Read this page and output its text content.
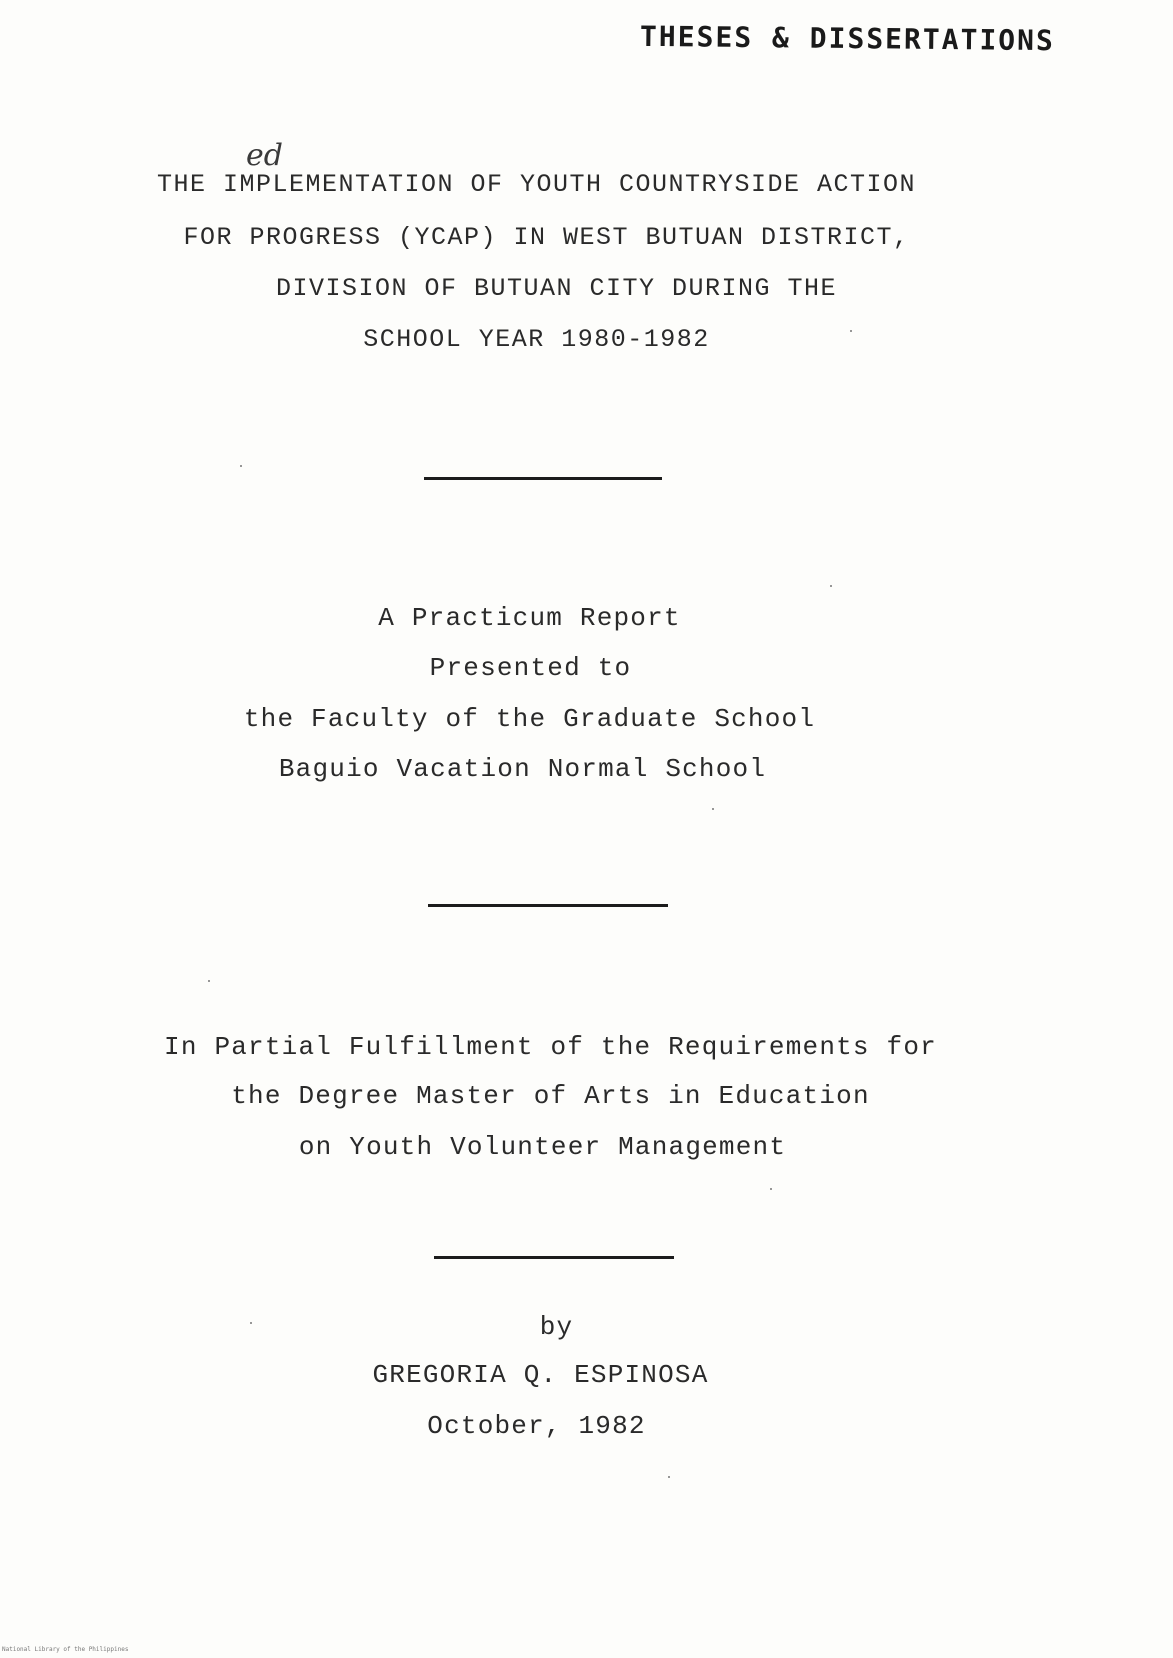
THESES & DISSERTATIONS
ed
THE IMPLEMENTATION OF YOUTH COUNTRYSIDE ACTION
FOR PROGRESS (YCAP) IN WEST BUTUAN DISTRICT,
DIVISION OF BUTUAN CITY DURING THE
SCHOOL YEAR 1980-1982
A Practicum Report
Presented to
the Faculty of the Graduate School
Baguio Vacation Normal School
In Partial Fulfillment of the Requirements for
the Degree Master of Arts in Education
on Youth Volunteer Management
by
GREGORIA Q. ESPINOSA
October, 1982
National Library of the Philippines
